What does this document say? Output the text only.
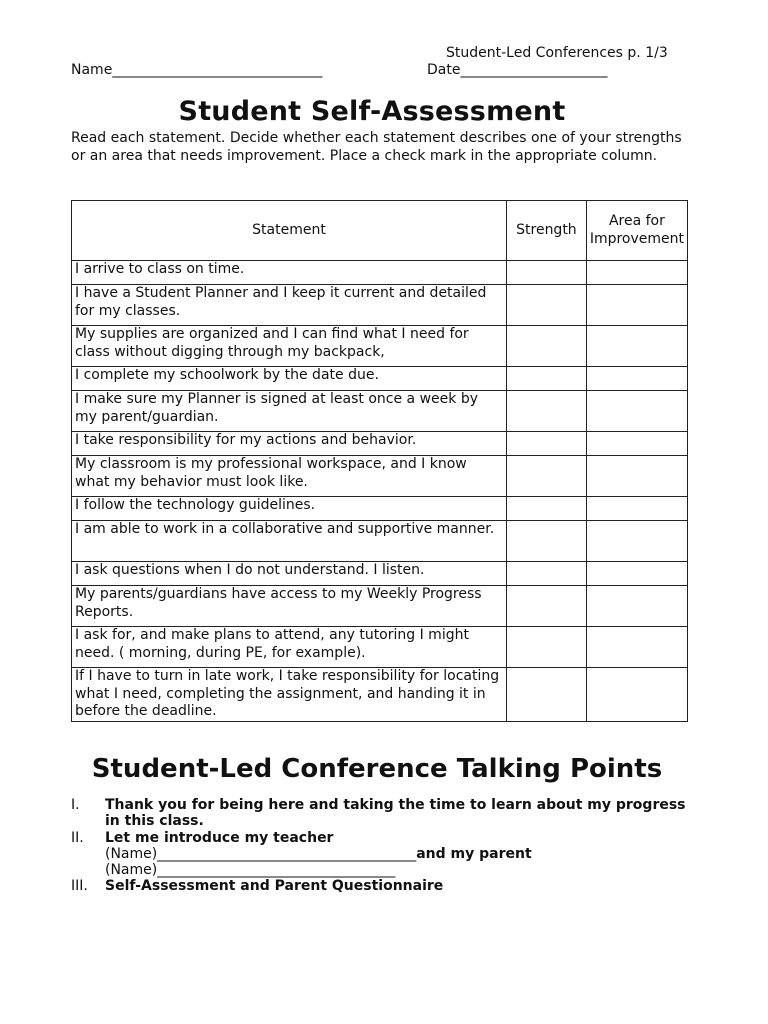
Student-Led Conferences p. 1/3
Name______________________________	Date_____________________
Student Self-Assessment
Read each statement. Decide whether each statement describes one of your strengths or an area that needs improvement. Place a check mark in the appropriate column.
Statement	Strength	Area for Improvement
I arrive to class on time.		
I have a Student Planner and I keep it current and detailed for my classes.		
My supplies are organized and I can find what I need for class without digging through my backpack,		
I complete my schoolwork by the date due.		
I make sure my Planner is signed at least once a week by my parent/guardian.		
I take responsibility for my actions and behavior.		
My classroom is my professional workspace, and I know what my behavior must look like.		
I follow the technology guidelines.		
I am able to work in a collaborative and supportive manner.		
I ask questions when I do not understand. I listen.		
My parents/guardians have access to my Weekly Progress Reports.		
I ask for, and make plans to attend, any tutoring I might need. ( morning, during PE, for example).		
If I have to turn in late work, I take responsibility for locating what I need, completing the assignment, and handing it in before the deadline.		
Student-Led Conference Talking Points
I. Thank you for being here and taking the time to learn about my progress in this class.
II. Let me introduce my teacher
(Name)_____________________________________and my parent
(Name)__________________________________
III. Self-Assessment and Parent Questionnaire
